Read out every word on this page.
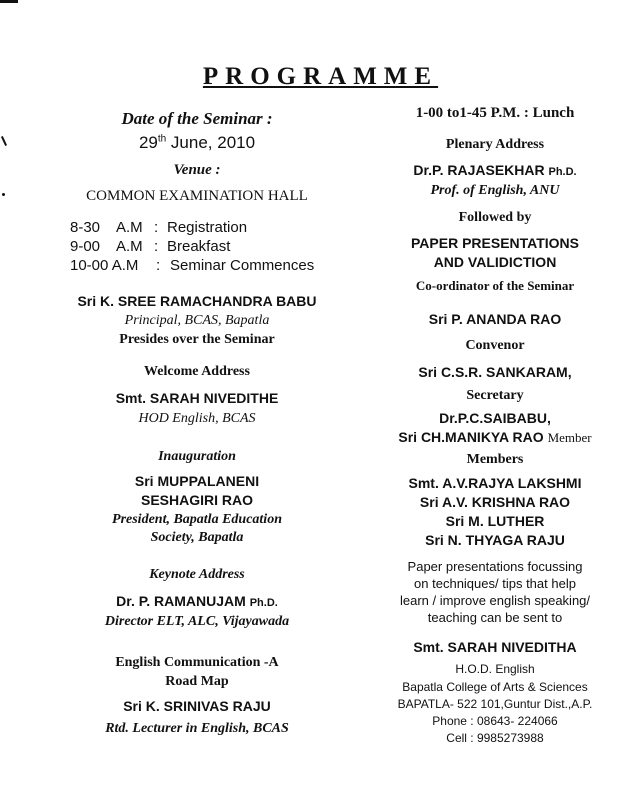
PROGRAMME
Date of the Seminar :
29th June, 2010
Venue :
COMMON EXAMINATION HALL
8-30 A.M : Registration
9-00 A.M : Breakfast
10-00 A.M : Seminar Commences
Sri K. SREE RAMACHANDRA BABU
Principal, BCAS, Bapatla
Presides over the Seminar
Welcome Address
Smt. SARAH NIVEDITHE
HOD English, BCAS
Inauguration
Sri MUPPALANENI
SESHAGIRI RAO
President, Bapatla Education
Society, Bapatla
Keynote Address
Dr. P. RAMANUJAM Ph.D.
Director ELT, ALC, Vijayawada
English Communication -A
Road Map
Sri K. SRINIVAS RAJU
Rtd. Lecturer in English, BCAS
1-00 to1-45 P.M. : Lunch
Plenary Address
Dr.P. RAJASEKHAR Ph.D.
Prof. of English, ANU
Followed by
PAPER PRESENTATIONS
AND VALIDICTION
Co-ordinator of the Seminar
Sri P. ANANDA RAO
Convenor
Sri C.S.R. SANKARAM,
Secretary
Dr.P.C.SAIBABU,
Sri CH.MANIKYA RAO Member
Members
Smt. A.V.RAJYA LAKSHMI
Sri A.V. KRISHNA RAO
Sri M. LUTHER
Sri N. THYAGA RAJU
Paper presentations focussing
on techniques/ tips that help
learn / improve english speaking/
teaching can be sent to
Smt. SARAH NIVEDITHA
H.O.D. English
Bapatla College of Arts & Sciences
BAPATLA- 522 101,Guntur Dist.,A.P.
Phone : 08643- 224066
Cell : 9985273988
